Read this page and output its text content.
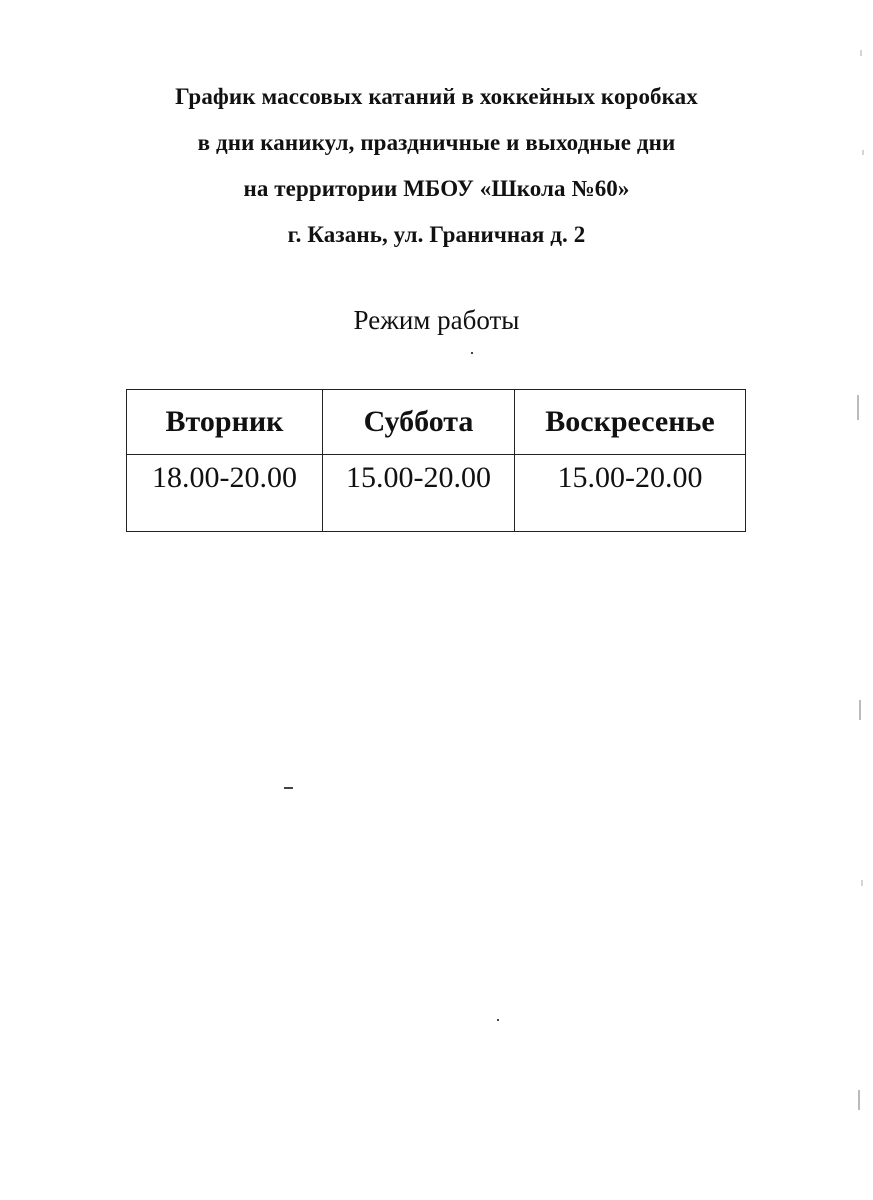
График массовых катаний в хоккейных коробках
в дни каникул, праздничные и выходные дни
на территории МБОУ «Школа №60»
г. Казань, ул. Граничная д. 2
Режим работы
Вторник	Суббота	Воскресенье
18.00-20.00	15.00-20.00	15.00-20.00
